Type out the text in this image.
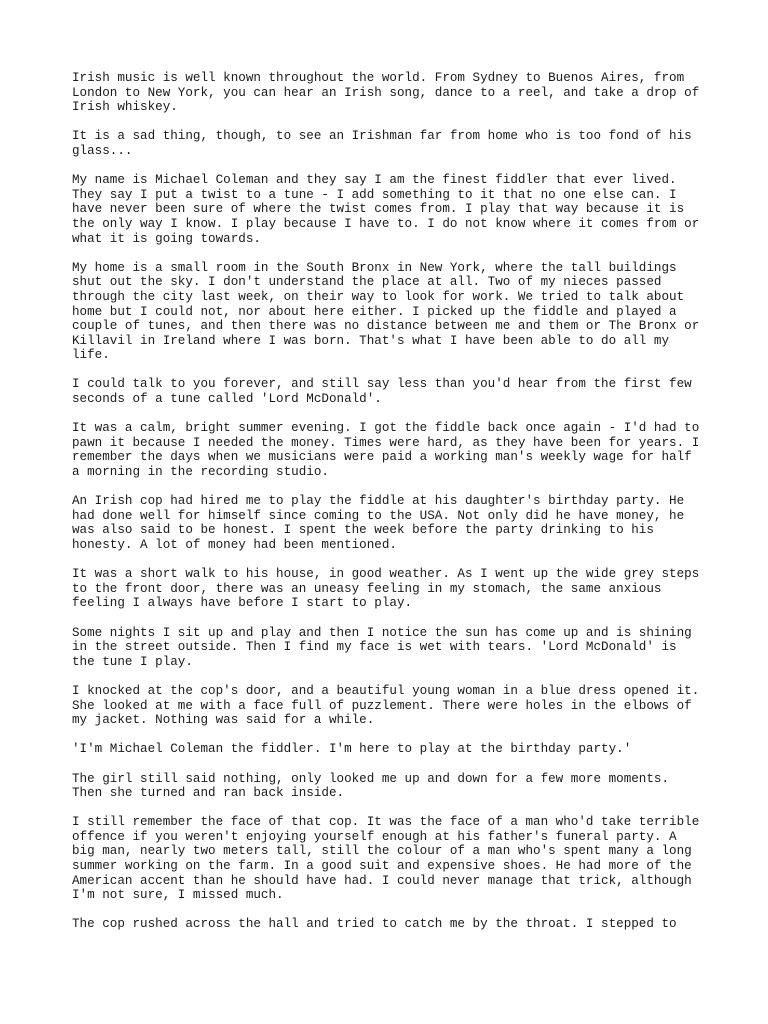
Irish music is well known throughout the world. From Sydney to Buenos Aires, from
London to New York, you can hear an Irish song, dance to a reel, and take a drop of
Irish whiskey.

It is a sad thing, though, to see an Irishman far from home who is too fond of his
glass...

My name is Michael Coleman and they say I am the finest fiddler that ever lived.
They say I put a twist to a tune - I add something to it that no one else can. I
have never been sure of where the twist comes from. I play that way because it is
the only way I know. I play because I have to. I do not know where it comes from or
what it is going towards.

My home is a small room in the South Bronx in New York, where the tall buildings
shut out the sky. I don't understand the place at all. Two of my nieces passed
through the city last week, on their way to look for work. We tried to talk about
home but I could not, nor about here either. I picked up the fiddle and played a
couple of tunes, and then there was no distance between me and them or The Bronx or
Killavil in Ireland where I was born. That's what I have been able to do all my
life.

I could talk to you forever, and still say less than you'd hear from the first few
seconds of a tune called 'Lord McDonald'.

It was a calm, bright summer evening. I got the fiddle back once again - I'd had to
pawn it because I needed the money. Times were hard, as they have been for years. I
remember the days when we musicians were paid a working man's weekly wage for half
a morning in the recording studio.

An Irish cop had hired me to play the fiddle at his daughter's birthday party. He
had done well for himself since coming to the USA. Not only did he have money, he
was also said to be honest. I spent the week before the party drinking to his
honesty. A lot of money had been mentioned.

It was a short walk to his house, in good weather. As I went up the wide grey steps
to the front door, there was an uneasy feeling in my stomach, the same anxious
feeling I always have before I start to play.

Some nights I sit up and play and then I notice the sun has come up and is shining
in the street outside. Then I find my face is wet with tears. 'Lord McDonald' is
the tune I play.

I knocked at the cop's door, and a beautiful young woman in a blue dress opened it.
She looked at me with a face full of puzzlement. There were holes in the elbows of
my jacket. Nothing was said for a while.

'I'm Michael Coleman the fiddler. I'm here to play at the birthday party.'

The girl still said nothing, only looked me up and down for a few more moments.
Then she turned and ran back inside.

I still remember the face of that cop. It was the face of a man who'd take terrible
offence if you weren't enjoying yourself enough at his father's funeral party. A
big man, nearly two meters tall, still the colour of a man who's spent many a long
summer working on the farm. In a good suit and expensive shoes. He had more of the
American accent than he should have had. I could never manage that trick, although
I'm not sure, I missed much.

The cop rushed across the hall and tried to catch me by the throat. I stepped to
